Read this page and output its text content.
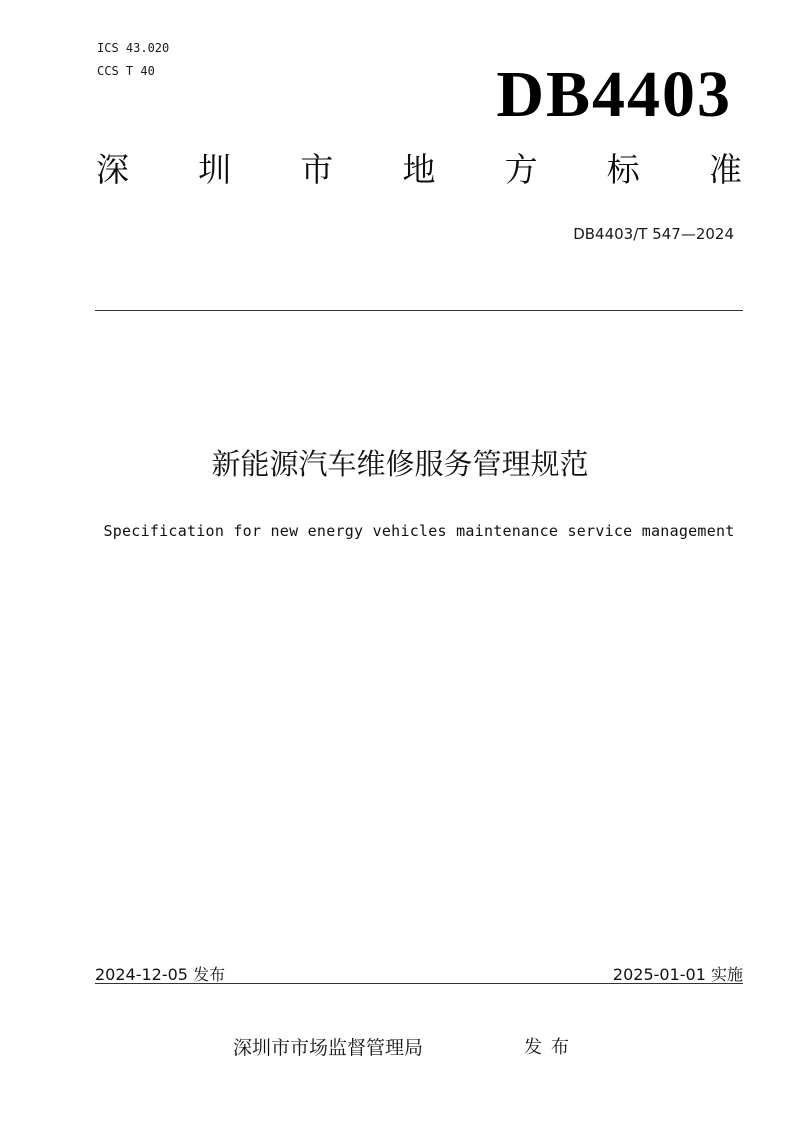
ICS 43.020
CCS T 40	DB4403
深 圳 市 地 方 标 准
DB4403/T 547—2024
新能源汽车维修服务管理规范
Specification for new energy vehicles maintenance service management
2024-12-05 发布	2025-01-01 实施
深圳市市场监督管理局	发布
